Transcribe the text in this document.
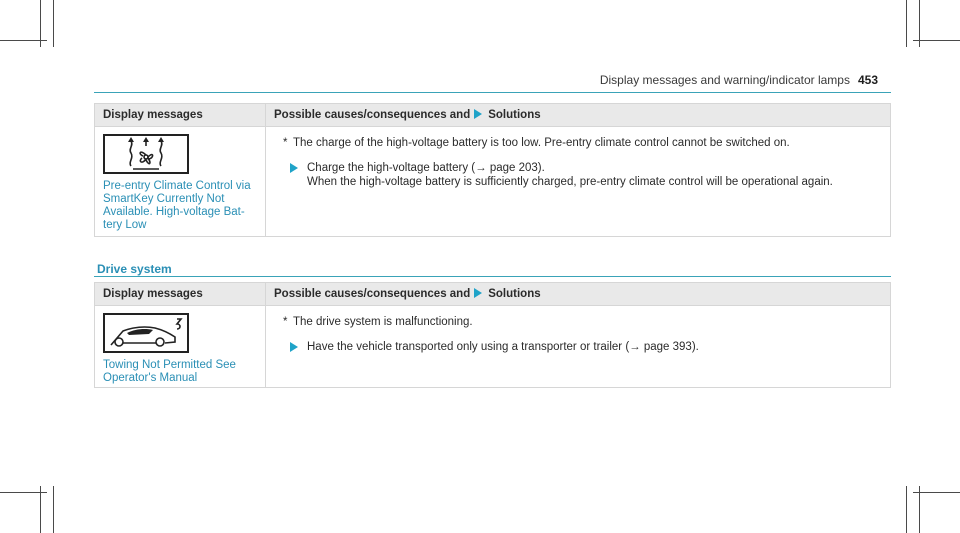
Display messages and warning/indicator lamps 453
Display messages	Possible causes/consequences and Solutions

Pre-entry Climate Control via SmartKey Currently Not Available. High-voltage Bat-tery Low	* The charge of the high-voltage battery is too low. Pre-entry climate control cannot be switched on.
Charge the high-voltage battery (→ page 203).
When the high-voltage battery is sufficiently charged, pre-entry climate control will be operational again.
Drive system
Display messages	Possible causes/consequences and Solutions

Towing Not Permitted See Operator's Manual	* The drive system is malfunctioning.
Have the vehicle transported only using a transporter or trailer (→ page 393).
